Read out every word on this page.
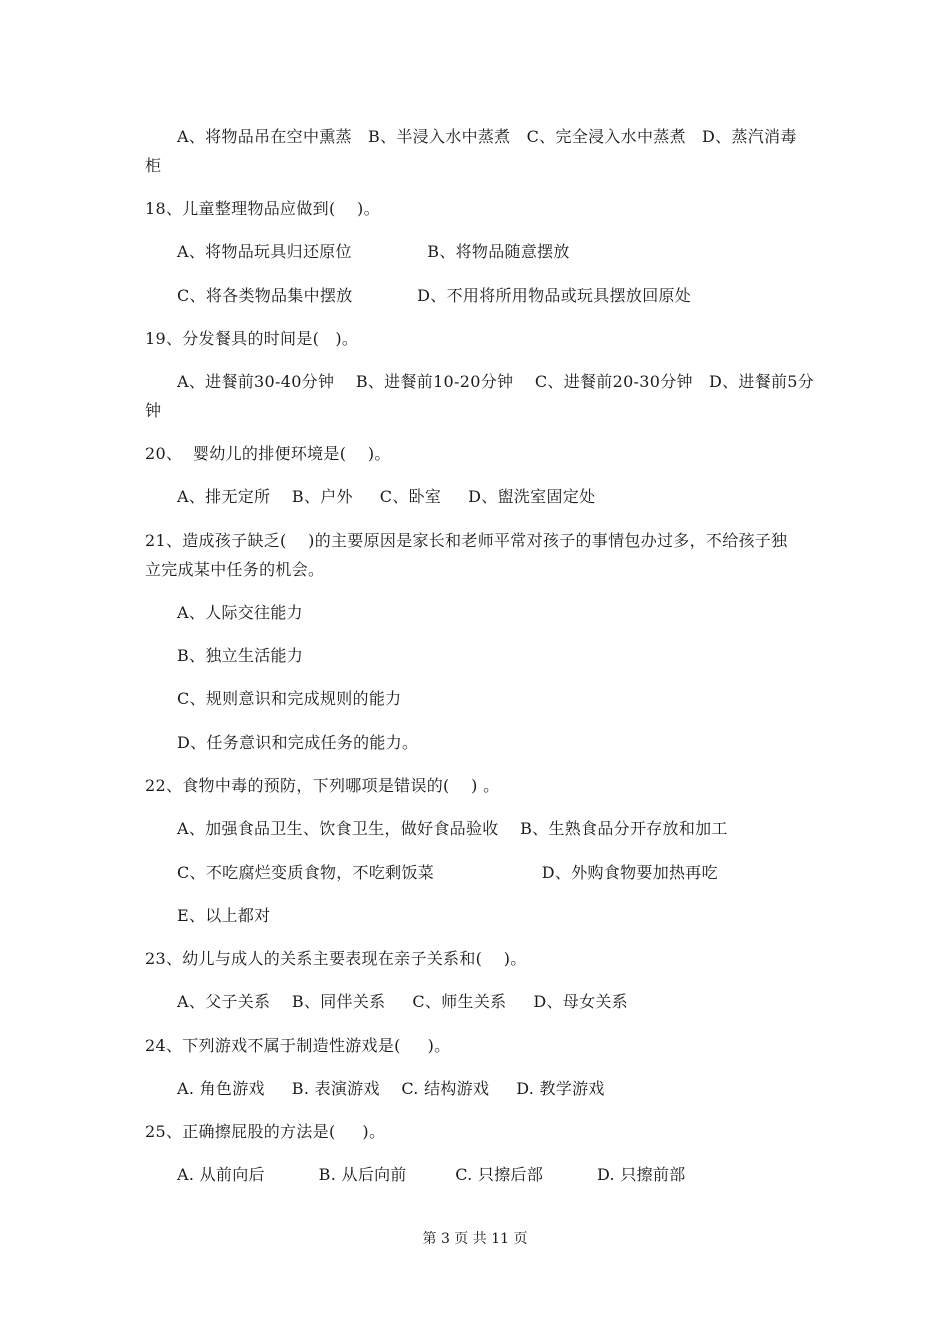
A、将物品吊在空中熏蒸   B、半浸入水中蒸煮   C、完全浸入水中蒸煮   D、蒸汽消毒
柜
18、儿童整理物品应做到(    )。
A、将物品玩具归还原位              B、将物品随意摆放
C、将各类物品集中摆放            D、不用将所用物品或玩具摆放回原处
19、分发餐具的时间是(   )。
A、进餐前30-40分钟    B、进餐前10-20分钟    C、进餐前20-30分钟   D、进餐前5分
钟
20、  婴幼儿的排便环境是(    )。
A、排无定所    B、户外     C、卧室     D、盥洗室固定处
21、造成孩子缺乏(    )的主要原因是家长和老师平常对孩子的事情包办过多，不给孩子独
立完成某中任务的机会。
A、人际交往能力
B、独立生活能力
C、规则意识和完成规则的能力
D、任务意识和完成任务的能力。
22、食物中毒的预防，下列哪项是错误的(    ) 。
A、加强食品卫生、饮食卫生，做好食品验收    B、生熟食品分开存放和加工
C、不吃腐烂变质食物，不吃剩饭菜                    D、外购食物要加热再吃
E、以上都对
23、幼儿与成人的关系主要表现在亲子关系和(    )。
A、父子关系    B、同伴关系     C、师生关系     D、母女关系
24、下列游戏不属于制造性游戏是(     )。
A. 角色游戏     B. 表演游戏    C. 结构游戏     D. 教学游戏
25、正确擦屁股的方法是(     )。
A. 从前向后          B. 从后向前         C. 只擦后部          D. 只擦前部
第 3 页 共 11 页
